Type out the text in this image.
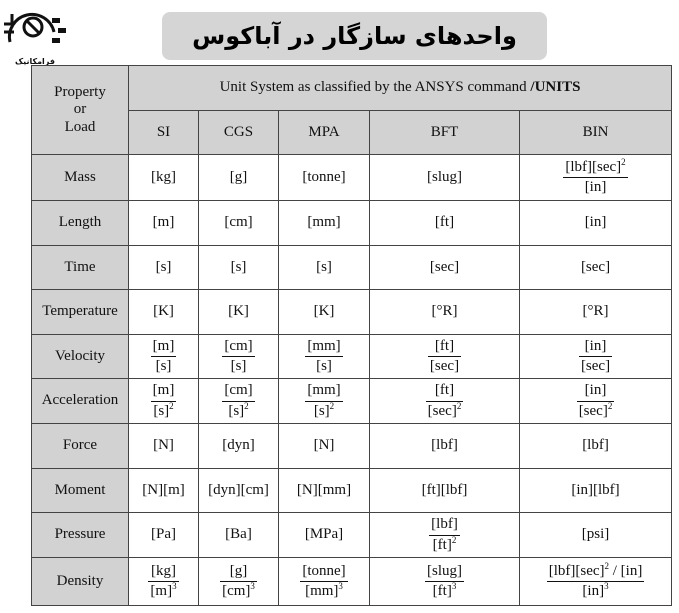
فرامکانیک
واحدهای سازگار در آباکوس
Property
or
Load	Unit System as classified by the ANSYS command /UNITS				
	SI	CGS	MPA	BFT	BIN
Mass	[kg]	[g]	[tonne]	[slug]	$\frac{[lbf][\sec]^2}{[in]}$

Length	[m]	[cm]	[mm]	[ft]	[in]
Time	[s]	[s]	[s]	[sec]	[sec]
Temperature	[K]	[K]	[K]	[°R]	[°R]
Velocity	$\frac{[m]}{[s]}$	$\frac{[cm]}{[s]}$	$\frac{[mm]}{[s]}$	$\frac{[ft]}{[\sec]}$	$\frac{[in]}{[\sec]}$

Acceleration	$\frac{[m]}{[s]^2}$	$\frac{[cm]}{[s]^2}$	$\frac{[mm]}{[s]^2}$	$\frac{[ft]}{[\sec]^2}$	$\frac{[in]}{[\sec]^2}$

Force	[N]	[dyn]	[N]	[lbf]	[lbf]
Moment	[N][m]	[dyn][cm]	[N][mm]	[ft][lbf]	[in][lbf]
Pressure	[Pa]	[Ba]	[MPa]	$\frac{\text{[lbf]}}{[ft]^2}$	[psi]
Density	$\frac{[kg]}{[m]^3}$	$\frac{[g]}{[cm]^3}$	$\frac{\text{[tonne]}}{[mm]^3}$	$\frac{\text{[slug]}}{[ft]^3}$	$\frac{[lbf][\sec]^2 / [in]}{[in]^3}$
